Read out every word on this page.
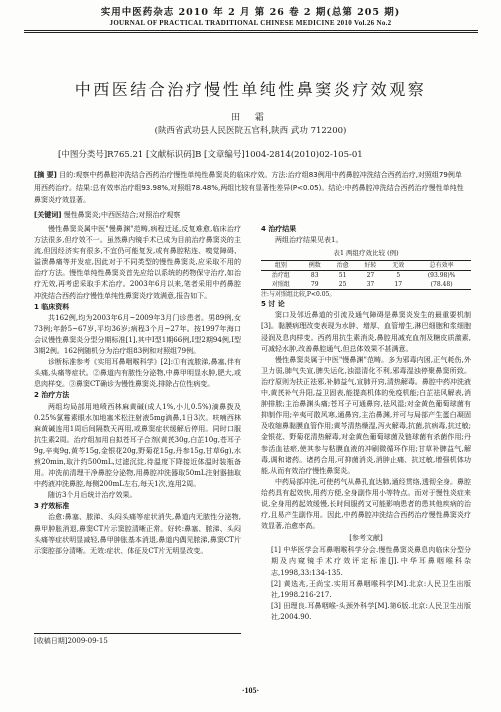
实用中医药杂志 2010 年 2 月 第 26 卷 2 期(总第 205 期)
JOURNAL OF PRACTICAL TRADITIONAL CHINESE MEDICINE 2010 Vol.26 No.2
中西医结合治疗慢性单纯性鼻窦炎疗效观察
田 霜
(陕西省武功县人民医院五官科,陕西 武功 712200)
[中图分类号]R765.21 [文献标识码]B [文章编号]1004-2814(2010)02-105-01
[摘 要] 目的:观察中药鼻腔冲洗结合西药治疗慢性单纯性鼻窦炎的临床疗效。方法:治疗组83例用中药鼻腔冲洗结合西药治疗,对照组79例单用西药治疗。结果:总有效率治疗组93.98%,对照组78.48%,两组比较有显著性差异(P<0.05)。结论:中药鼻腔冲洗结合西药治疗慢性单纯性鼻窦炎疗效显著。
[关键词] 慢性鼻窦炎;中西医结合;对照治疗观察

慢性鼻窦炎属中医"慢鼻渊"范畴,病程迁延,反复难愈,临床治疗方法很多,但疗效不一。虽然鼻内镜手术已成为目前治疗鼻窦炎的主流,但因经济实有很多,不宜仍可能复发,或有鼻腔粘连、嗅觉障碍、溢溃鼻痛等并发症,因此对于不同类型的慢性鼻窦炎,应采取不用的治疗方法。慢性单纯性鼻窦炎首先应给以系统的药物保守治疗,如治疗无效,再考虑采取手术治疗。2003年6月以来,笔者采用中药鼻腔冲洗结合西药治疗慢性单纯性鼻窦炎疗效满意,报告如下。

1 临床资料

共162例,均为2003年6月~2009年3月门诊患者。男89例,女73例;年龄5~67岁,平均36岁;病程3个月~27年。按1997年海口会议慢性鼻窦炎分型分期标准[1],其中Ⅰ型1期66例,Ⅰ型2期94例,Ⅰ型3期2例。162例随机分为治疗组83例和对照组79例。

诊断标准参考《实用耳鼻咽喉科学》[2]:①有流脓涕,鼻塞,伴有头痛,头痛等症状。②鼻道内有脓性分泌物,中鼻甲明显水肿,肥大,或息肉样变。③鼻窦CT确诊为慢性鼻窦炎,排除占位性病变。

2 治疗方法

两组均局部用地喷西林麻黄碱(成人1%,小儿0.5%)滴鼻拨及0.25%氯霉素眼水加地塞米松注射液5mg滴鼻,1日3次。呋喃西林麻黄碱连用1周后间隔数天再用,或鼻窦症状缓解后停用。同时口服抗生素2周。治疗组加用自拟苍耳子合剂(黄芪30g,白芷10g,苍耳子9g,辛夷9g,黄芩15g,金银花20g,野菊花15g,丹参15g,甘草6g),水煎20min,取汁约500mL,过滤沉淀,待温度下降接近体温时装瓶备用。冲洗前清理干净鼻腔分泌物,用鼻腔冲洗器取50mL注射器抽取中药液冲洗鼻腔,每侧200mL左右,每天1次,连用2周。

随访3个月后统计治疗效果。

3 疗效标准

治愈:鼻塞、脓涕、头闷头痛等症状消失,鼻道内无脓性分泌物,鼻甲肿胀消退,鼻窦CT片示窦腔清晰正常。好转:鼻塞、脓涕、头闷头痛等症状明显减轻,鼻甲肿胀基本消退,鼻道内偶见脓涕,鼻窦CT片示窦腔部分清晰。无效:症状、体征及CT片无明显改变。

[收稿日期]2009-09-15

4 治疗结果

两组治疗结果见表1。

表1 两组疗效比较 (例)
组别	例数	治愈	好转	无效	总有效率
治疗组	83	51	27	5	(93.98)%
对照组	79	25	37	17	(78.48)
注:与对照组比较,P<0.05。

5 讨 论

窦口及邻近鼻道的引流及通气障碍是鼻窦炎发生的最重要机制[3]。黏膜病理改变表现为水肿、增厚、血管增生,淋巴细胞和浆细胞浸润及息肉样变。西药用抗生素消炎,鼻腔用减充血剂及糖皮质激素,可减轻水肿,改善鼻腔通气,但总体效果不甚满意。

慢性鼻窦炎属于中医"慢鼻渊"范畴。多为邪毒内困,正气耗伤,外卫力弱,肺气失宣,脾失运化,浊湿清化不利,邪毒湿浊停聚鼻窦所致。治疗原则为扶正祛邪,补肺益气,宣肺开窍,清热解毒。鼻腔中药冲洗液中,黄芪补气升阳,益卫固表,能提高机体的免疫机能;白芷祛风解表,消肿排脓;主治鼻渊头痛;苍耳子可通鼻窍,祛风湿;对金黄色葡萄球菌有抑制作用;辛夷可散风寒,通鼻窍,主治鼻渊,并可与局部产生蛋白凝固及收缩鼻黏膜血管作用;黄芩清热燥湿,泻火解毒,抗菌,抗病毒,抗过敏;金银花、野菊花清热解毒,对金黄色葡萄球菌及链球菌有杀菌作用;丹参活血祛瘀,使其参与粘膜血液的冲刷微循环作用;甘草补脾益气,解毒,调和诸药。诸药合用,可抑菌消炎,消肿止痛、抗过敏,增强机体功能,从而有效治疗慢性鼻窦炎。

中药局部冲洗,可使药气从鼻孔直达肺,通经贯络,透彻全身。鼻腔给药具有起效快,用药方便,全身副作用小等特点。而对于慢性炎症来说,全身用药起效缓慢,长时间服药又可能影响患者的患其他疾病的治疗,且易产生副作用。因此,中药鼻腔冲洗结合西药治疗慢性鼻窦炎疗效显著,治愈率高。

[参考文献]

[1] 中华医学会耳鼻咽喉科学分会.慢性鼻窦炎鼻息肉临床分型分期及内窥镜手术疗效评定标准[J].中华耳鼻咽喉科杂志,1998,33:134-135.

[2] 黄选兆,王尚宝.实用耳鼻咽喉科学[M].北京:人民卫生出版社,1998.216-217.

[3] 田理良.耳鼻咽喉-头颈外科学[M].第6版.北京:人民卫生出版社,2004.90.

·105·
